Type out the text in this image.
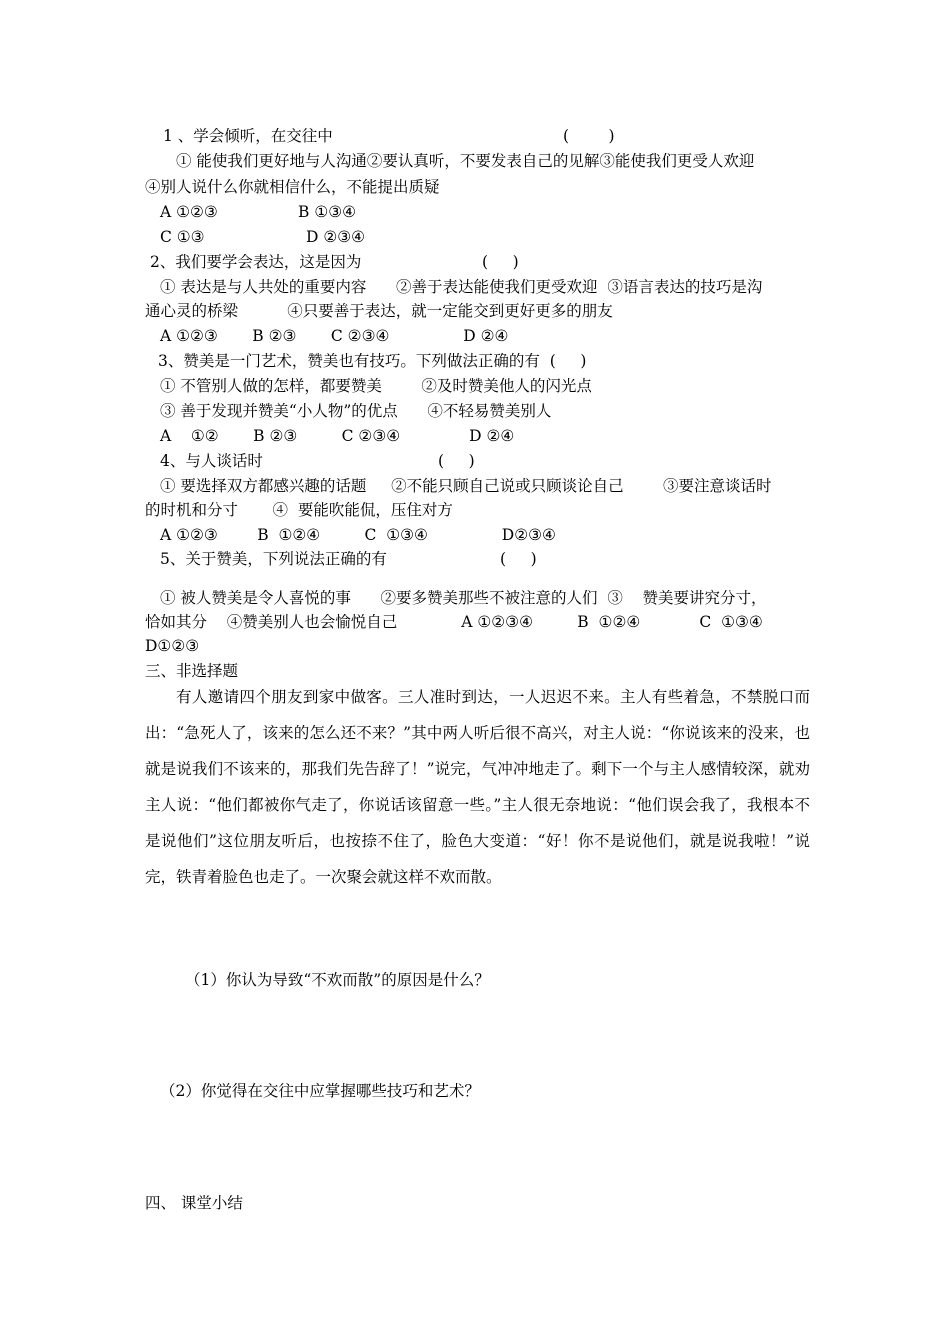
1 、学会倾听，在交往中	(        )
① 能使我们更好地与人沟通②要认真听，不要发表自己的见解③能使我们更受人欢迎
④别人说什么你就相信什么，不能提出质疑
A ①②③	B ①③④
C ①③	D ②③④
2、我们要学会表达，这是因为	(     )
① 表达是与人共处的重要内容      ②善于表达能使我们更受欢迎  ③语言表达的技巧是沟
通心灵的桥梁          ④只要善于表达，就一定能交到更好更多的朋友
A ①②③       B ②③       C ②③④               D ②④
3、赞美是一门艺术，赞美也有技巧。下列做法正确的有  (     )
① 不管别人做的怎样，都要赞美        ②及时赞美他人的闪光点
③ 善于发现并赞美“小人物”的优点      ④不轻易赞美别人
A    ①②       B ②③         C ②③④              D ②④
4、与人谈话时	(     )
① 要选择双方都感兴趣的话题     ②不能只顾自己说或只顾谈论自己        ③要注意谈话时
的时机和分寸       ④  要能吹能侃，压住对方
A ①②③        B  ①②④         C  ①③④               D②③④
5、关于赞美，下列说法正确的有	(     )
① 被人赞美是令人喜悦的事      ②要多赞美那些不被注意的人们  ③    赞美要讲究分寸，
恰如其分    ④赞美别人也会愉悦自己             A ①②③④         B  ①②④            C  ①③④
D①②③
三、非选择题
有人邀请四个朋友到家中做客。三人准时到达，一人迟迟不来。主人有些着急，不禁脱口而出：“急死人了，该来的怎么还不来？”其中两人听后很不高兴，对主人说：“你说该来的没来，也就是说我们不该来的，那我们先告辞了！”说完，气冲冲地走了。剩下一个与主人感情较深，就劝主人说：“他们都被你气走了，你说话该留意一些。”主人很无奈地说：“他们误会我了，我根本不是说他们”这位朋友听后，也按捺不住了，脸色大变道：“好！你不是说他们，就是说我啦！”说完，铁青着脸色也走了。一次聚会就这样不欢而散。
（1）你认为导致“不欢而散”的原因是什么？
（2）你觉得在交往中应掌握哪些技巧和艺术？
四、 课堂小结
